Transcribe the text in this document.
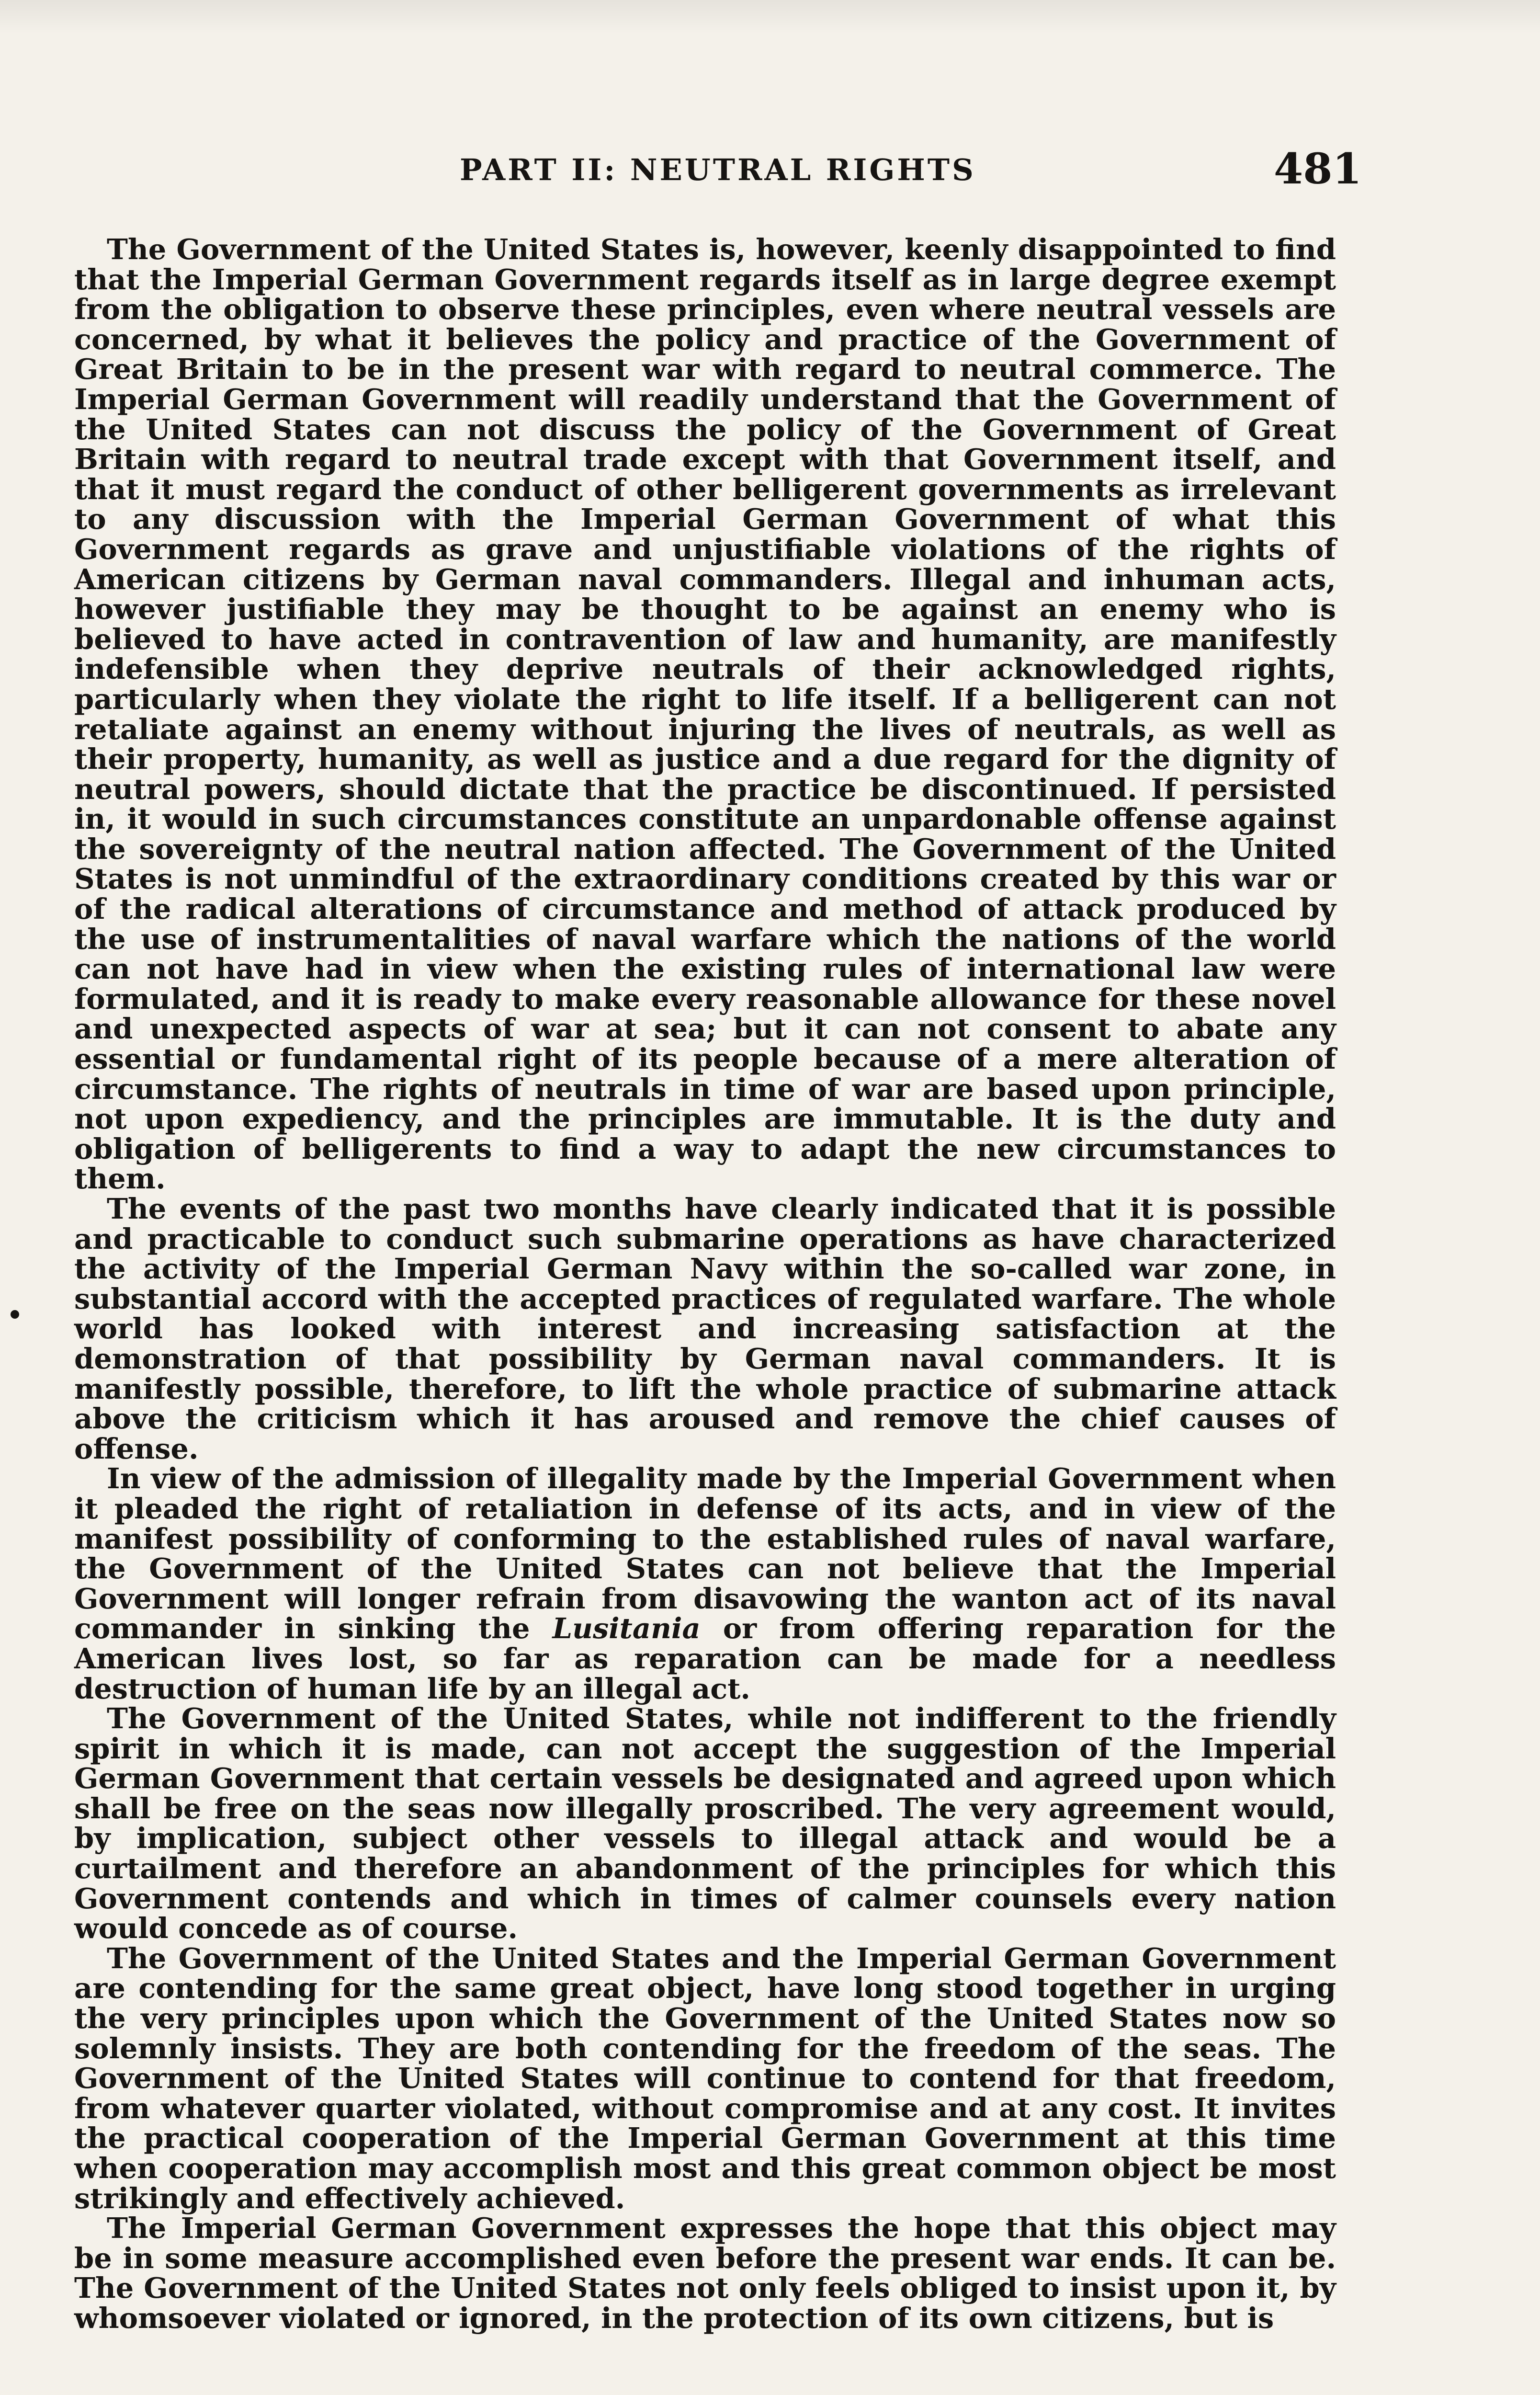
PART II: NEUTRAL RIGHTS	481

The Government of the United States is, however, keenly disappointed to find that the Imperial German Government regards itself as in large degree exempt from the obligation to observe these principles, even where neutral vessels are concerned, by what it believes the policy and practice of the Government of Great Britain to be in the present war with regard to neutral commerce. The Imperial German Government will readily understand that the Government of the United States can not discuss the policy of the Government of Great Britain with regard to neutral trade except with that Government itself, and that it must regard the conduct of other belligerent governments as irrelevant to any discussion with the Imperial German Government of what this Government regards as grave and unjustifiable violations of the rights of American citizens by German naval commanders. Illegal and inhuman acts, however justifiable they may be thought to be against an enemy who is believed to have acted in contravention of law and humanity, are manifestly indefensible when they deprive neutrals of their acknowledged rights, particularly when they violate the right to life itself. If a belligerent can not retaliate against an enemy without injuring the lives of neutrals, as well as their property, humanity, as well as justice and a due regard for the dignity of neutral powers, should dictate that the practice be discontinued. If persisted in, it would in such circumstances constitute an unpardonable offense against the sovereignty of the neutral nation affected. The Government of the United States is not unmindful of the extraordinary conditions created by this war or of the radical alterations of circumstance and method of attack produced by the use of instrumentalities of naval warfare which the nations of the world can not have had in view when the existing rules of international law were formulated, and it is ready to make every reasonable allowance for these novel and unexpected aspects of war at sea; but it can not consent to abate any essential or fundamental right of its people because of a mere alteration of circumstance. The rights of neutrals in time of war are based upon principle, not upon expediency, and the principles are immutable. It is the duty and obligation of belligerents to find a way to adapt the new circumstances to them.

The events of the past two months have clearly indicated that it is possible and practicable to conduct such submarine operations as have characterized the activity of the Imperial German Navy within the so-called war zone, in substantial accord with the accepted practices of regulated warfare. The whole world has looked with interest and increasing satisfaction at the demonstration of that possibility by German naval commanders. It is manifestly possible, therefore, to lift the whole practice of submarine attack above the criticism which it has aroused and remove the chief causes of offense.

In view of the admission of illegality made by the Imperial Government when it pleaded the right of retaliation in defense of its acts, and in view of the manifest possibility of conforming to the established rules of naval warfare, the Government of the United States can not believe that the Imperial Government will longer refrain from disavowing the wanton act of its naval commander in sinking the Lusitania or from offering reparation for the American lives lost, so far as reparation can be made for a needless destruction of human life by an illegal act.

The Government of the United States, while not indifferent to the friendly spirit in which it is made, can not accept the suggestion of the Imperial German Government that certain vessels be designated and agreed upon which shall be free on the seas now illegally proscribed. The very agreement would, by implication, subject other vessels to illegal attack and would be a curtailment and therefore an abandonment of the principles for which this Government contends and which in times of calmer counsels every nation would concede as of course.

The Government of the United States and the Imperial German Government are contending for the same great object, have long stood together in urging the very principles upon which the Government of the United States now so solemnly insists. They are both contending for the freedom of the seas. The Government of the United States will continue to contend for that freedom, from whatever quarter violated, without compromise and at any cost. It invites the practical cooperation of the Imperial German Government at this time when cooperation may accomplish most and this great common object be most strikingly and effectively achieved.

The Imperial German Government expresses the hope that this object may be in some measure accomplished even before the present war ends. It can be. The Government of the United States not only feels obliged to insist upon it, by whomsoever violated or ignored, in the protection of its own citizens, but is
